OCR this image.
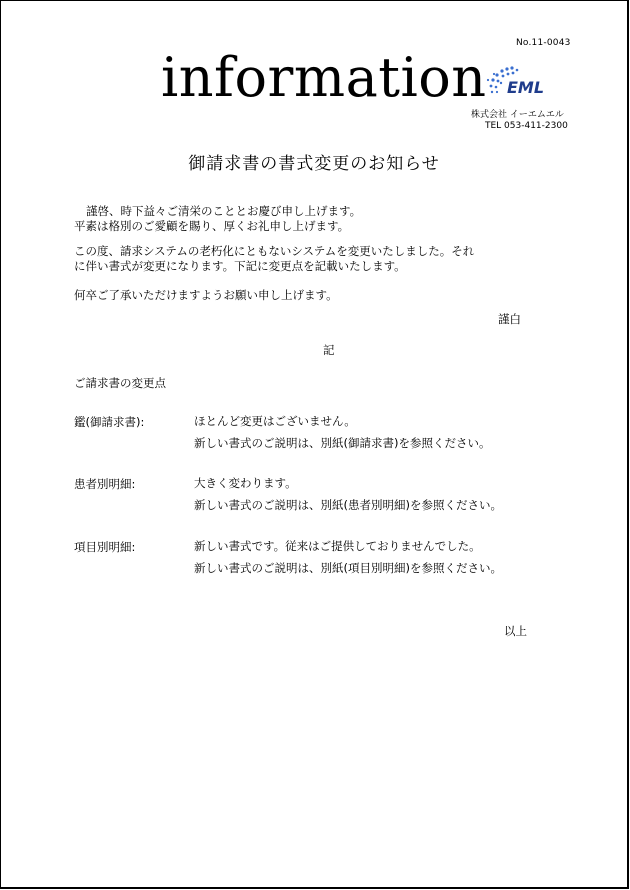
No.11-0043
information EML
株式会社 イーエムエル
TEL 053-411-2300
御請求書の書式変更のお知らせ
謹啓、時下益々ご清栄のこととお慶び申し上げます。
平素は格別のご愛顧を賜り、厚くお礼申し上げます。
この度、請求システムの老朽化にともないシステムを変更いたしました。それ
に伴い書式が変更になります。下記に変更点を記載いたします。
何卒ご了承いただけますようお願い申し上げます。
謹白
記
ご請求書の変更点
鑑(御請求書):	ほとんど変更はございません。
新しい書式のご説明は、別紙(御請求書)を参照ください。
患者別明細:	大きく変わります。
新しい書式のご説明は、別紙(患者別明細)を参照ください。
項目別明細:	新しい書式です。従来はご提供しておりませんでした。
新しい書式のご説明は、別紙(項目別明細)を参照ください。
以上
